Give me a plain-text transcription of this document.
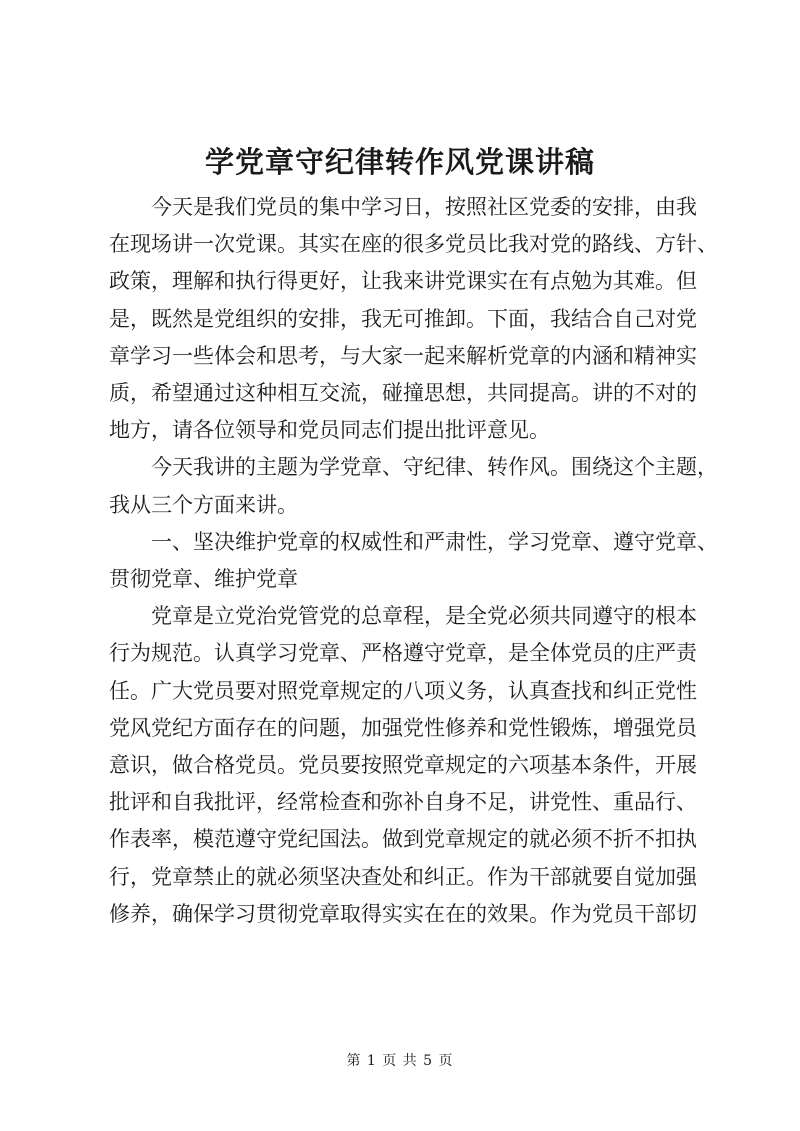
学党章守纪律转作风党课讲稿

今天是我们党员的集中学习日，按照社区党委的安排，由我
在现场讲一次党课。其实在座的很多党员比我对党的路线、方针、
政策，理解和执行得更好，让我来讲党课实在有点勉为其难。但
是，既然是党组织的安排，我无可推卸。下面，我结合自己对党
章学习一些体会和思考，与大家一起来解析党章的内涵和精神实
质，希望通过这种相互交流，碰撞思想，共同提高。讲的不对的
地方，请各位领导和党员同志们提出批评意见。

今天我讲的主题为学党章、守纪律、转作风。围绕这个主题，
我从三个方面来讲。

一、坚决维护党章的权威性和严肃性，学习党章、遵守党章、
贯彻党章、维护党章

党章是立党治党管党的总章程，是全党必须共同遵守的根本
行为规范。认真学习党章、严格遵守党章，是全体党员的庄严责
任。广大党员要对照党章规定的八项义务，认真查找和纠正党性
党风党纪方面存在的问题，加强党性修养和党性锻炼，增强党员
意识，做合格党员。党员要按照党章规定的六项基本条件，开展
批评和自我批评，经常检查和弥补自身不足，讲党性、重品行、
作表率，模范遵守党纪国法。做到党章规定的就必须不折不扣执
行，党章禁止的就必须坚决查处和纠正。作为干部就要自觉加强
修养，确保学习贯彻党章取得实实在在的效果。作为党员干部切

第 1 页 共 5 页
